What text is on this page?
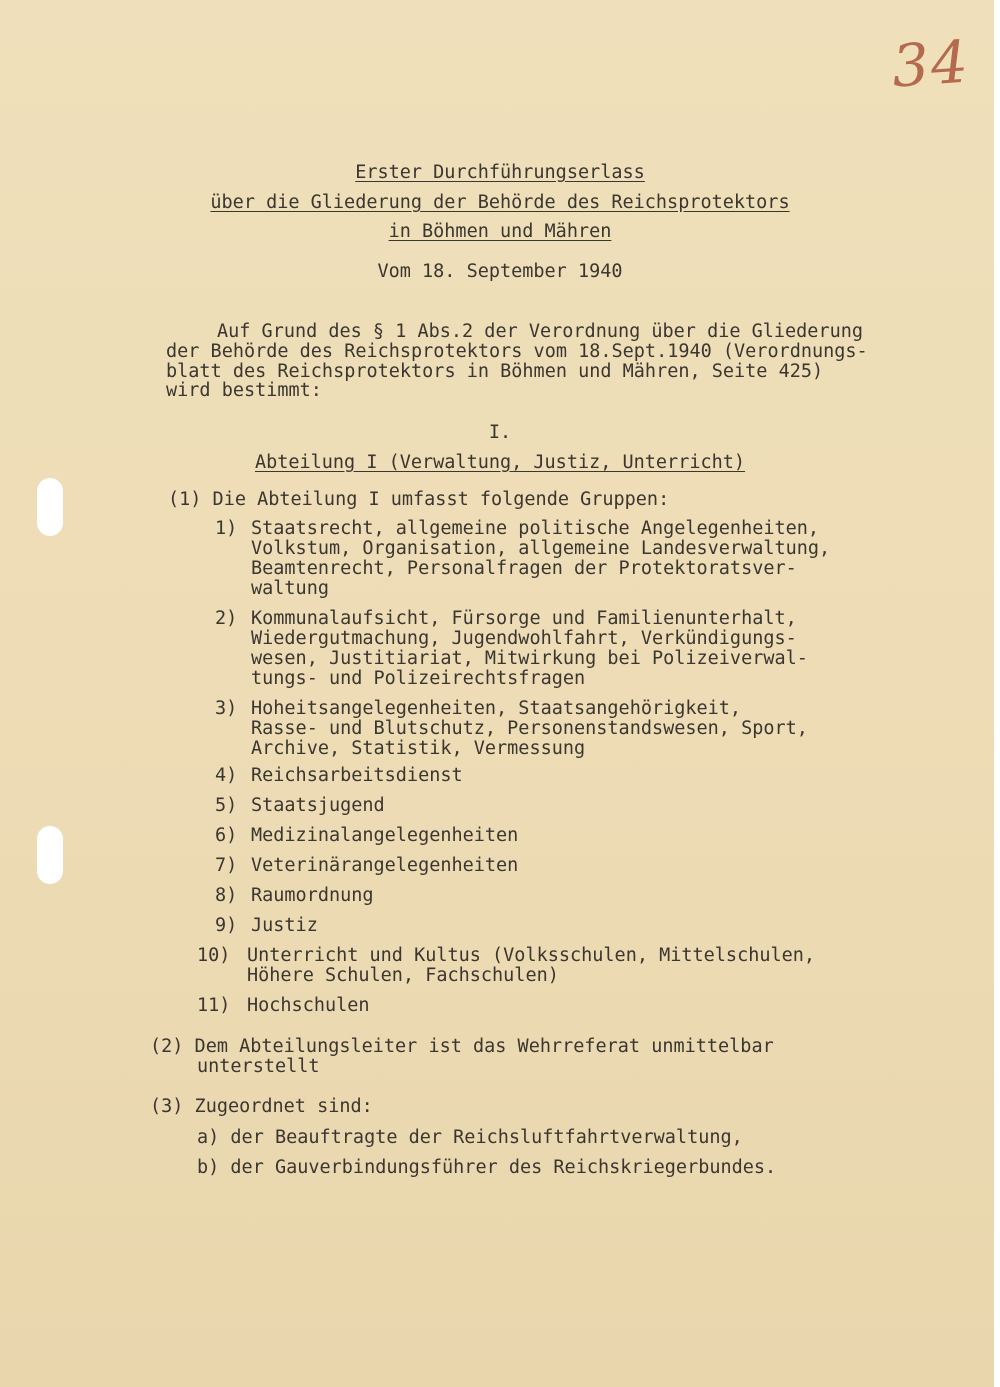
34
Erster Durchführungserlass
über die Gliederung der Behörde des Reichsprotektors
in Böhmen und Mähren
Vom 18. September 1940
Auf Grund des § 1 Abs.2 der Verordnung über die Gliederung
der Behörde des Reichsprotektors vom 18.Sept.1940 (Verordnungs-
blatt des Reichsprotektors in Böhmen und Mähren, Seite 425)
wird bestimmt:
I.
Abteilung I (Verwaltung, Justiz, Unterricht)
(1) Die Abteilung I umfasst folgende Gruppen:
1) Staatsrecht, allgemeine politische Angelegenheiten,
Volkstum, Organisation, allgemeine Landesverwaltung,
Beamtenrecht, Personalfragen der Protektoratsver-
waltung
2) Kommunalaufsicht, Fürsorge und Familienunterhalt,
Wiedergutmachung, Jugendwohlfahrt, Verkündigungs-
wesen, Justitiariat, Mitwirkung bei Polizeiverwal-
tungs- und Polizeirechtsfragen
3) Hoheitsangelegenheiten, Staatsangehörigkeit,
Rasse- und Blutschutz, Personenstandswesen, Sport,
Archive, Statistik, Vermessung
4) Reichsarbeitsdienst
5) Staatsjugend
6) Medizinalangelegenheiten
7) Veterinärangelegenheiten
8) Raumordnung
9) Justiz
10) Unterricht und Kultus (Volksschulen, Mittelschulen,
Höhere Schulen, Fachschulen)
11) Hochschulen
(2) Dem Abteilungsleiter ist das Wehrreferat unmittelbar
unterstellt
(3) Zugeordnet sind:
a) der Beauftragte der Reichsluftfahrtverwaltung,
b) der Gauverbindungsführer des Reichskriegerbundes.
